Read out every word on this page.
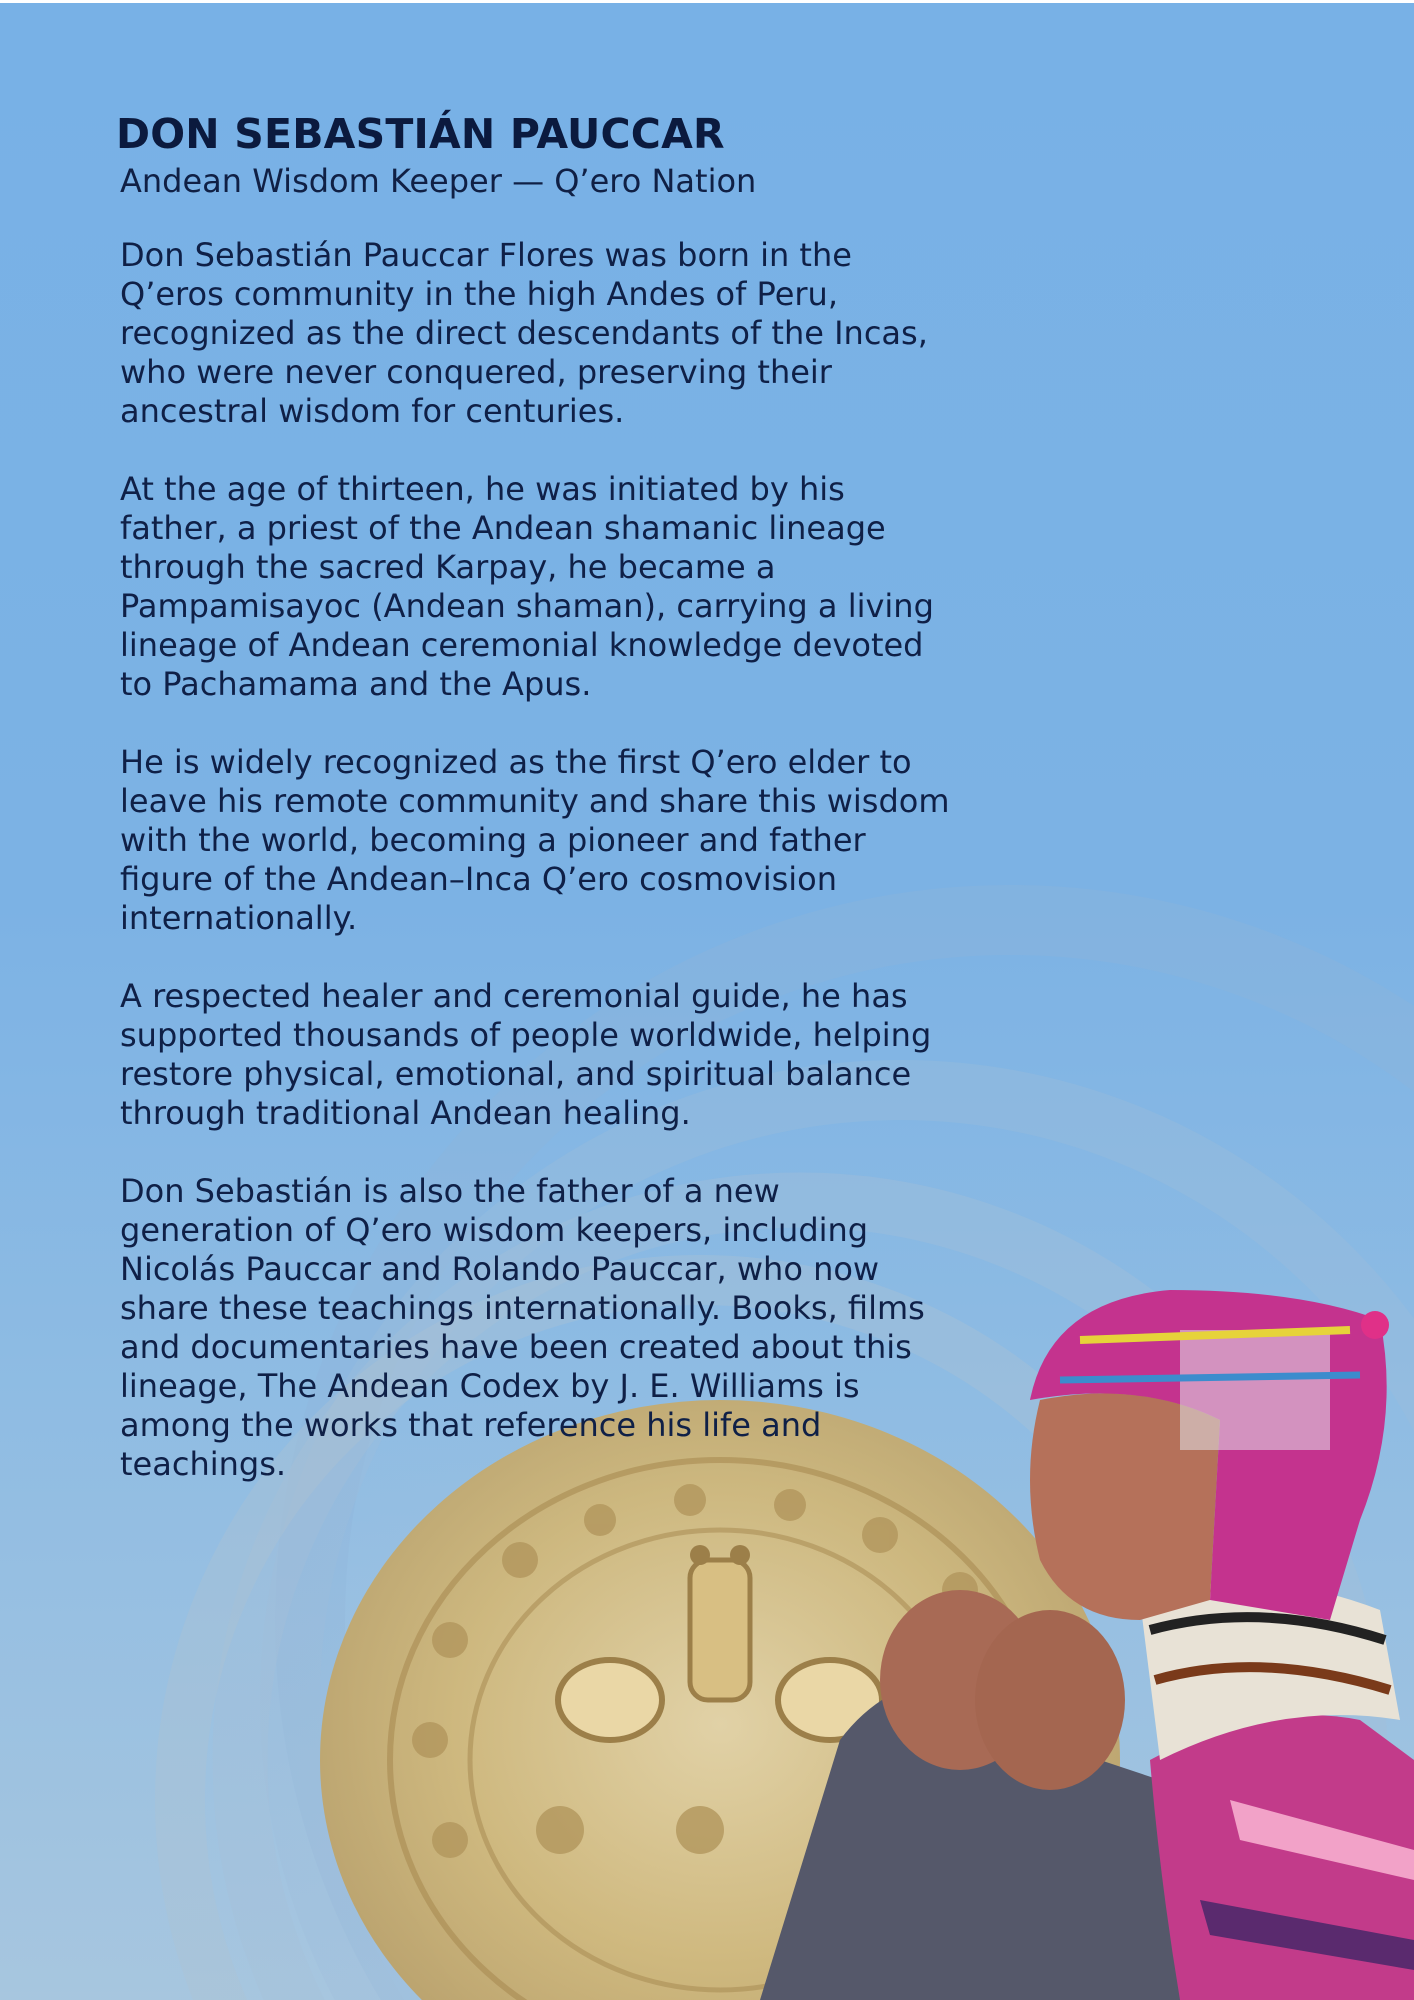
DON SEBASTIÁN PAUCCAR
Andean Wisdom Keeper — Q’ero Nation

Don Sebastián Pauccar Flores was born in the Q’eros community in the high Andes of Peru, recognized as the direct descendants of the Incas, who were never conquered, preserving their ancestral wisdom for centuries.

At the age of thirteen, he was initiated by his father, a priest of the Andean shamanic lineage through the sacred Karpay, he became a Pampamisayoc (Andean shaman), carrying a living lineage of Andean ceremonial knowledge devoted to Pachamama and the Apus.

He is widely recognized as the first Q’ero elder to leave his remote community and share this wisdom with the world, becoming a pioneer and father figure of the Andean–Inca Q’ero cosmovision internationally.

A respected healer and ceremonial guide, he has supported thousands of people worldwide, helping restore physical, emotional, and spiritual balance through traditional Andean healing.

Don Sebastián is also the father of a new generation of Q’ero wisdom keepers, including Nicolás Pauccar and Rolando Pauccar, who now share these teachings internationally. Books, films and documentaries have been created about this lineage, The Andean Codex by J. E. Williams is among the works that reference his life and teachings.
